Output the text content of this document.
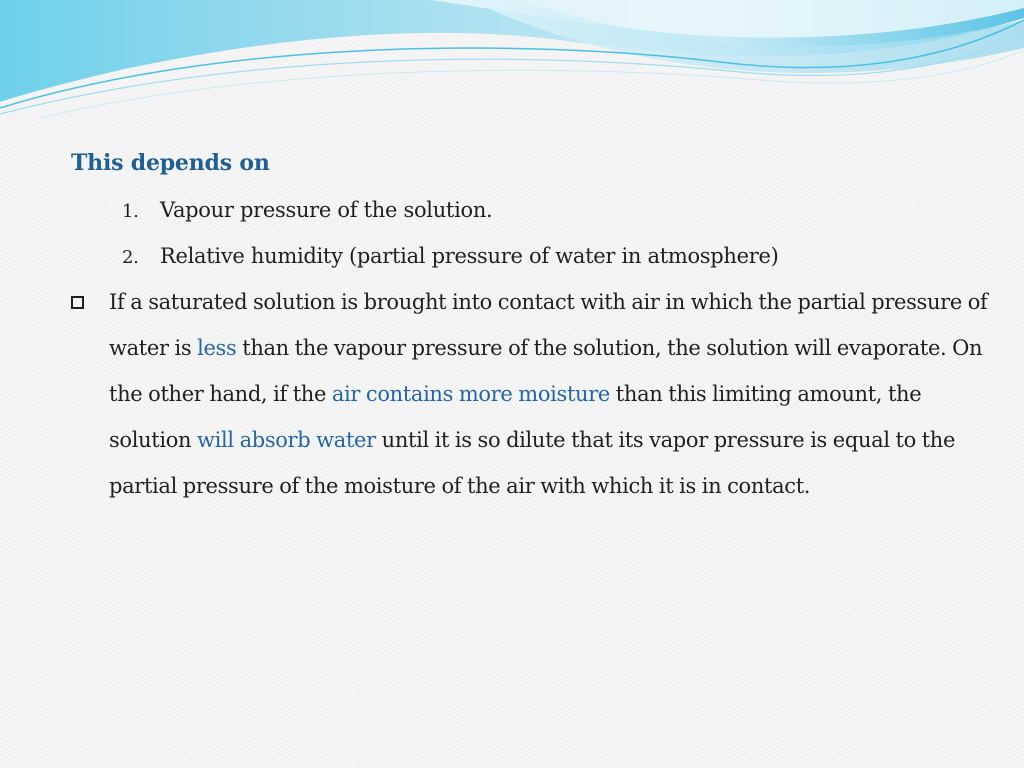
This depends on
1. Vapour pressure of the solution.
2. Relative humidity (partial pressure of water in atmosphere)
If a saturated solution is brought into contact with air in which the partial pressure of water is less than the vapour pressure of the solution, the solution will evaporate. On the other hand, if the air contains more moisture than this limiting amount, the solution will absorb water until it is so dilute that its vapor pressure is equal to the partial pressure of the moisture of the air with which it is in contact.
